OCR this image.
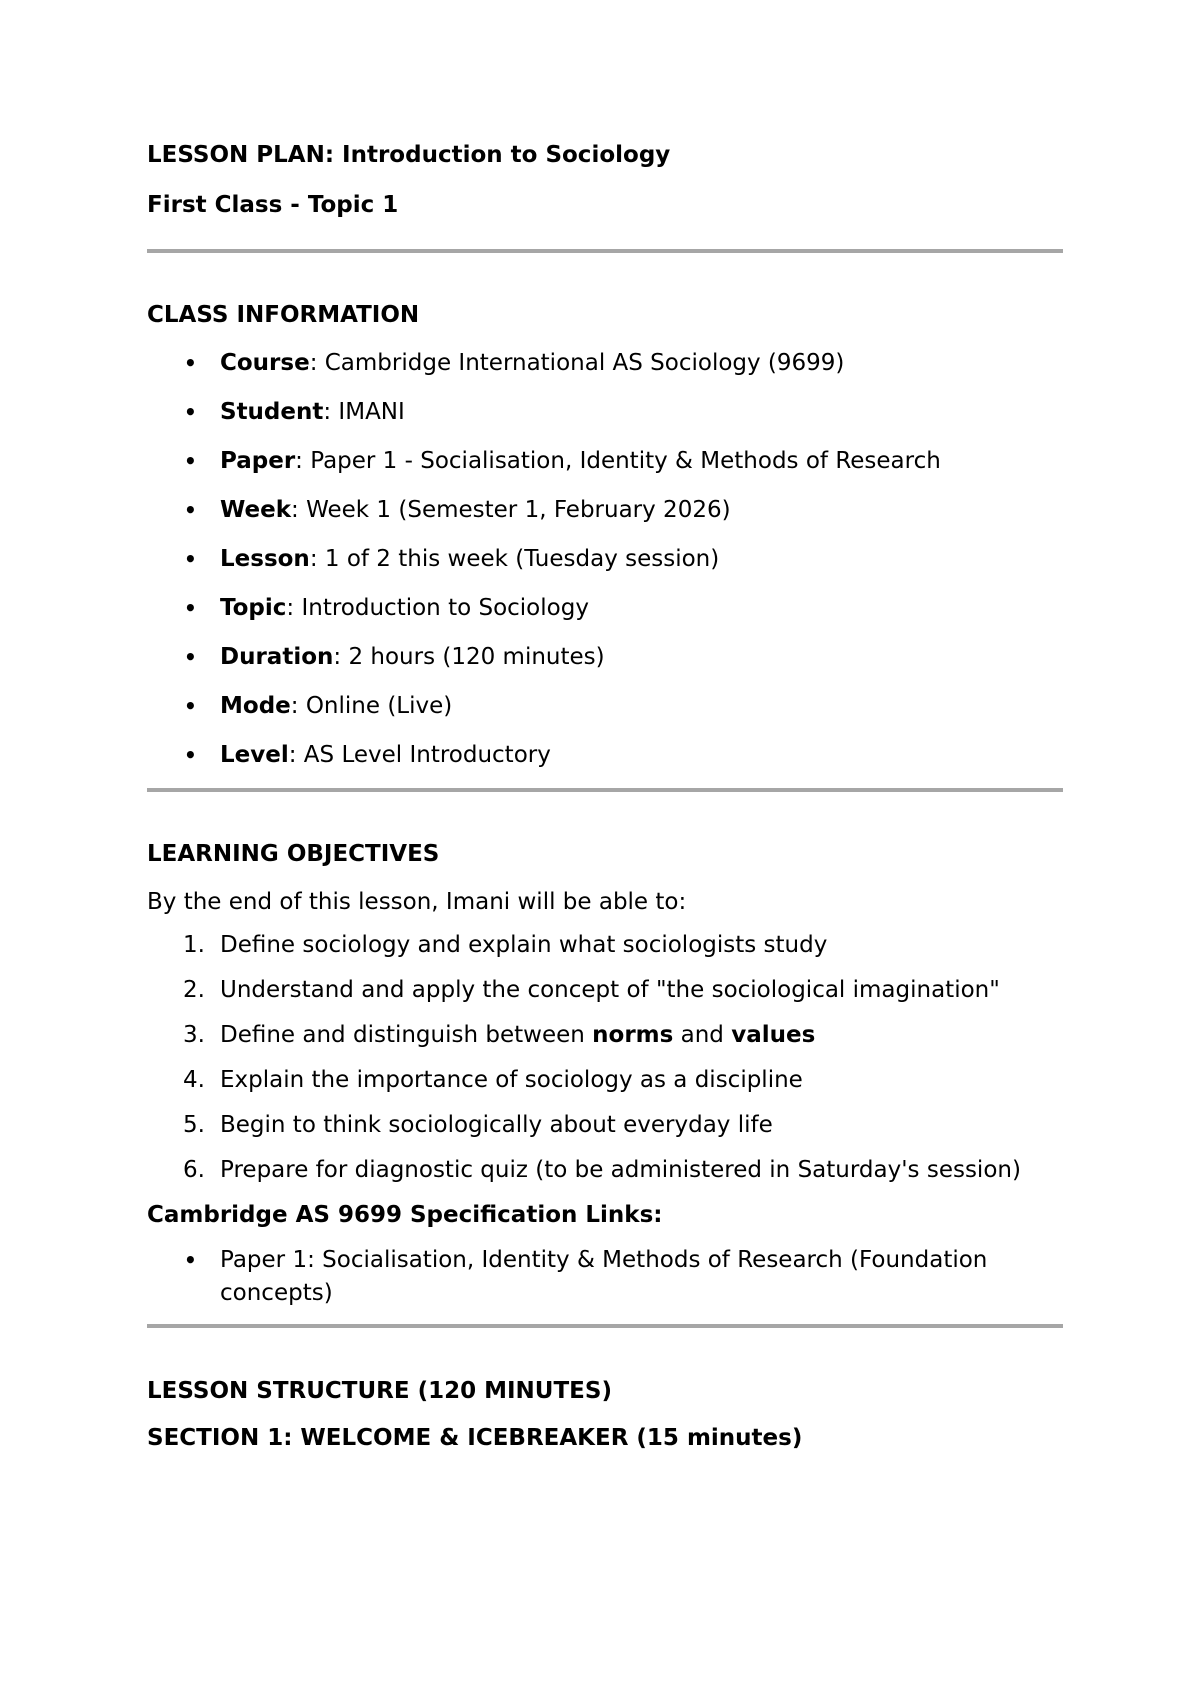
LESSON PLAN: Introduction to Sociology

First Class - Topic 1

CLASS INFORMATION

•	Course: Cambridge International AS Sociology (9699)
•	Student: IMANI
•	Paper: Paper 1 - Socialisation, Identity & Methods of Research
•	Week: Week 1 (Semester 1, February 2026)
•	Lesson: 1 of 2 this week (Tuesday session)
•	Topic: Introduction to Sociology
•	Duration: 2 hours (120 minutes)
•	Mode: Online (Live)
•	Level: AS Level Introductory

LEARNING OBJECTIVES

By the end of this lesson, Imani will be able to:

1. Define sociology and explain what sociologists study
2. Understand and apply the concept of "the sociological imagination"
3. Define and distinguish between norms and values
4. Explain the importance of sociology as a discipline
5. Begin to think sociologically about everyday life
6. Prepare for diagnostic quiz (to be administered in Saturday's session)

Cambridge AS 9699 Specification Links:

•	Paper 1: Socialisation, Identity & Methods of Research (Foundation concepts)

LESSON STRUCTURE (120 MINUTES)

SECTION 1: WELCOME & ICEBREAKER (15 minutes)
